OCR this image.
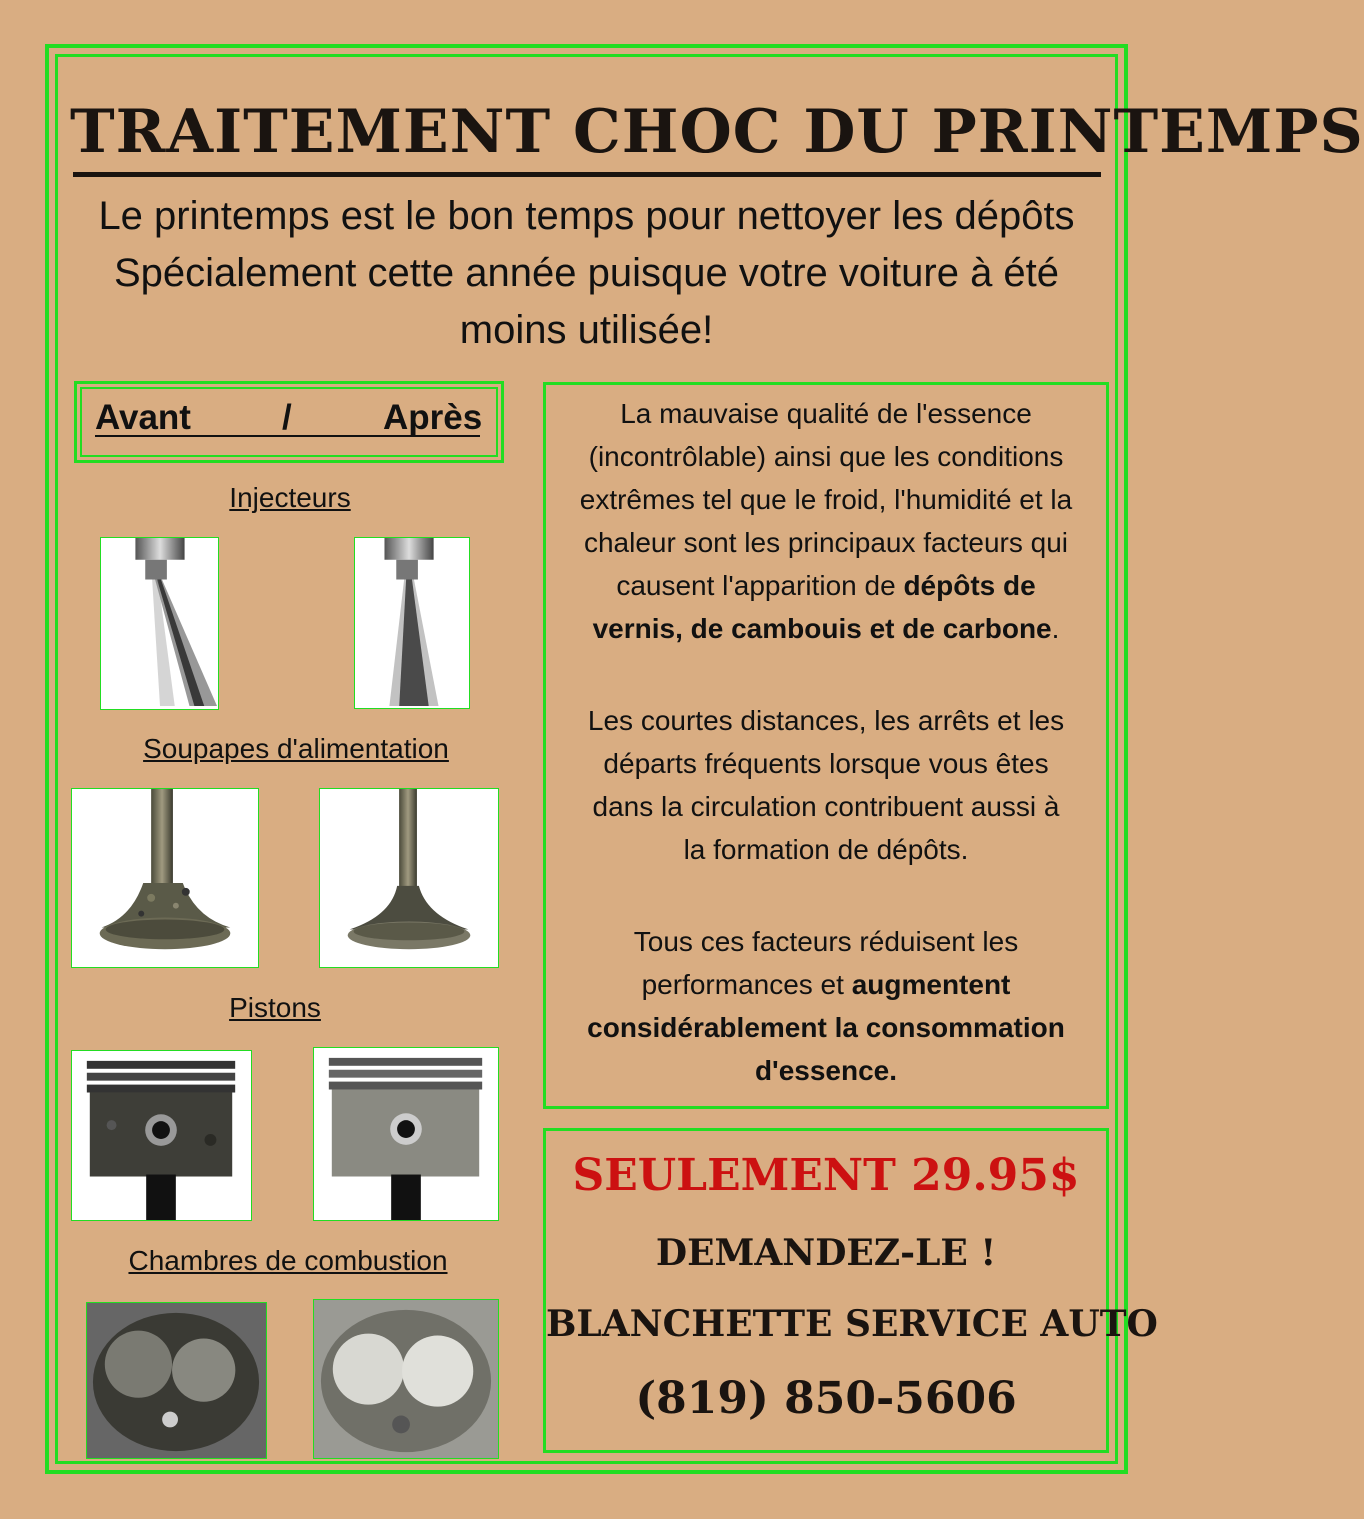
TRAITEMENT CHOC DU PRINTEMPS
Le printemps est le bon temps pour nettoyer les dépôts
Spécialement cette année puisque votre voiture à été
moins utilisée!
Avant	/	Après
Injecteurs
Soupapes d'alimentation
Pistons
Chambres de combustion
La mauvaise qualité de l'essence (incontrôlable) ainsi que les conditions extrêmes tel que le froid, l'humidité et la chaleur sont les principaux facteurs qui causent l'apparition de dépôts de vernis, de cambouis et de carbone.
Les courtes distances, les arrêts et les départs fréquents lorsque vous êtes dans la circulation contribuent aussi à la formation de dépôts.
Tous ces facteurs réduisent les performances et augmentent considérablement la consommation d'essence.
SEULEMENT 29.95$
DEMANDEZ-LE !
BLANCHETTE SERVICE AUTO
(819) 850-5606
